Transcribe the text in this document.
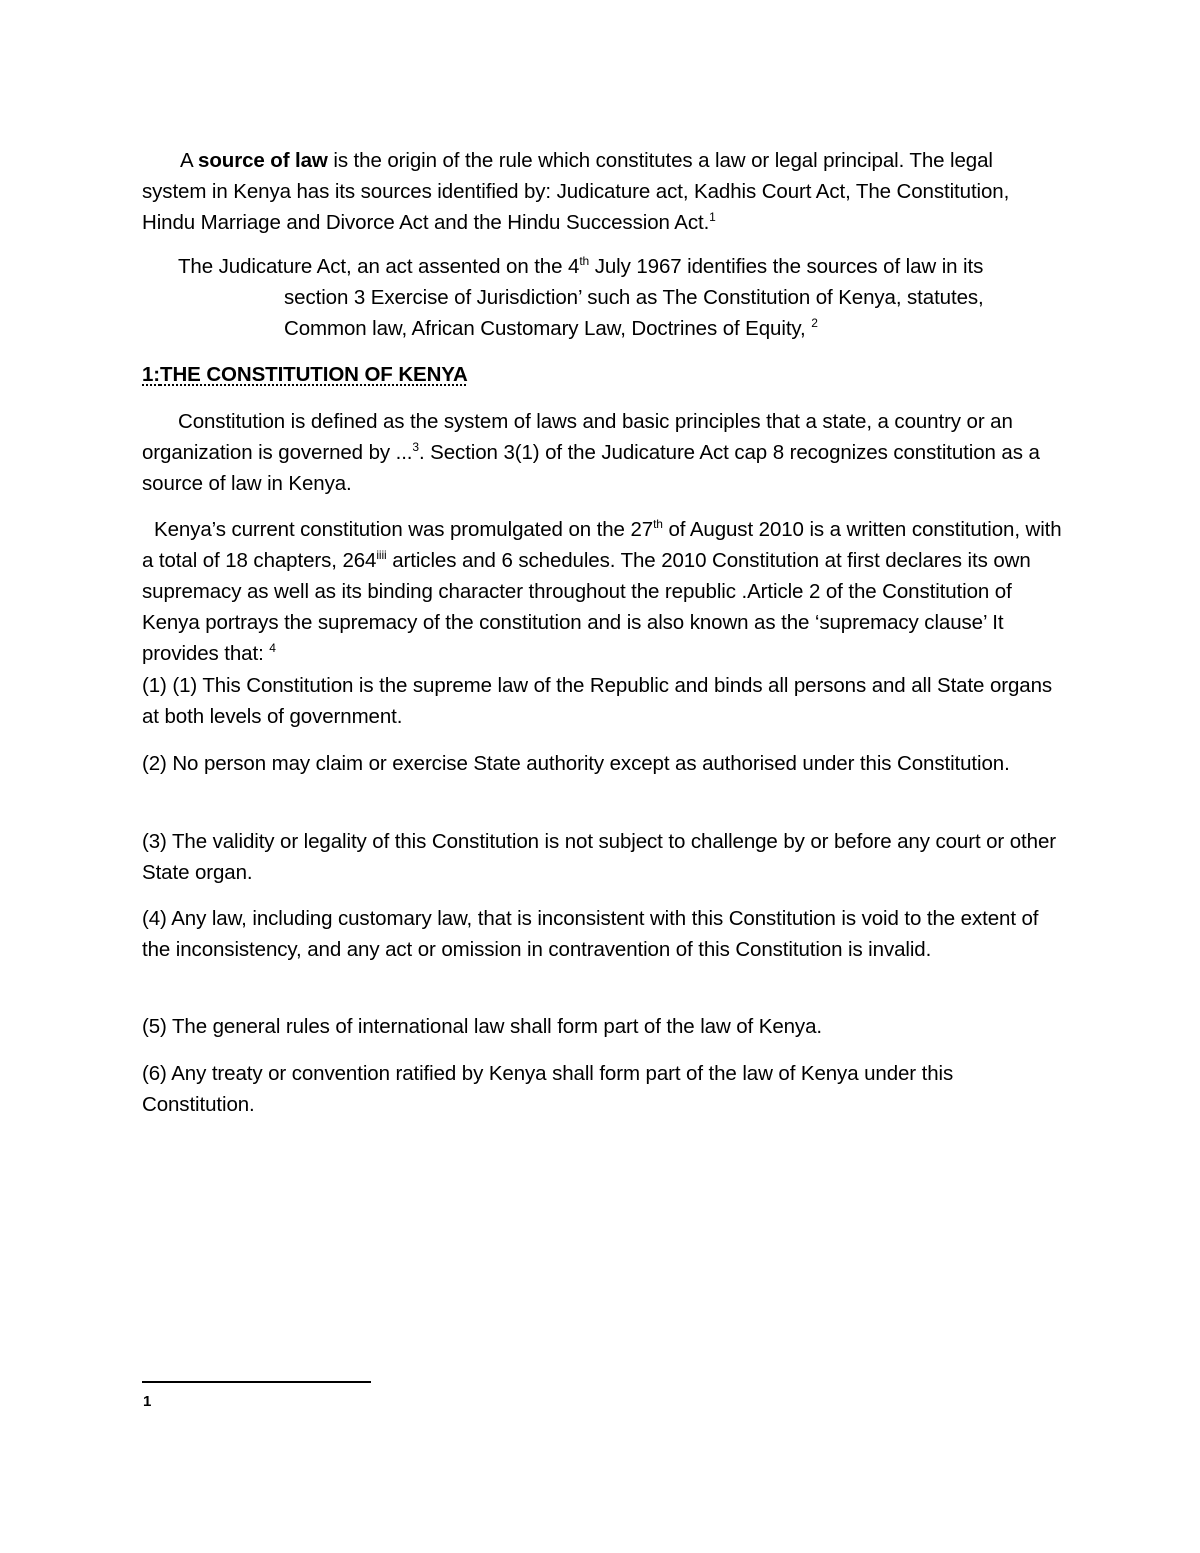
A source of law is the origin of the rule which constitutes a law or legal principal. The legal system in Kenya has its sources identified by: Judicature act, Kadhis Court Act, The Constitution, Hindu Marriage and Divorce Act and the Hindu Succession Act.$^1$

The Judicature Act, an act assented on the 4th July 1967 identifies the sources of law in its
section 3 Exercise of Jurisdiction’ such as The Constitution of Kenya, statutes,
Common law, African Customary Law, Doctrines of Equity, $^2$

1:THE CONSTITUTION OF KENYA

Constitution is defined as the system of laws and basic principles that a state, a country or an organization is governed by ...$^3$. Section 3(1) of the Judicature Act cap 8 recognizes constitution as a source of law in Kenya.

Kenya’s current constitution was promulgated on the 27th of August 2010 is a written constitution, with a total of 18 chapters, 264$^{iiii}$ articles and 6 schedules. The 2010 Constitution at first declares its own supremacy as well as its binding character throughout the republic .Article 2 of the Constitution of Kenya portrays the supremacy of the constitution and is also known as the ‘supremacy clause’ It provides that: $^4$

(1) (1) This Constitution is the supreme law of the Republic and binds all persons and all State organs at both levels of government.

(2) No person may claim or exercise State authority except as authorised under this Constitution.

(3) The validity or legality of this Constitution is not subject to challenge by or before any court or other State organ.

(4) Any law, including customary law, that is inconsistent with this Constitution is void to the extent of the inconsistency, and any act or omission in contravention of this Constitution is invalid.

(5) The general rules of international law shall form part of the law of Kenya.

(6) Any treaty or convention ratified by Kenya shall form part of the law of Kenya under this Constitution.

1
